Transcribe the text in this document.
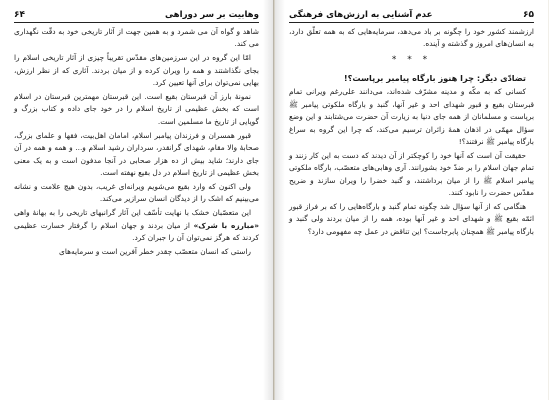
۶۴	وهابیت بر سر دوراهی

شاهد و گواه آن می شمرد و به همین جهت از آثار تاریخی خود به دقّت نگهداری می کند.

امّا این گروه در این سرزمین‌های مقدّس تقریباً چیزی از آثار تاریخی اسلام را بجای نگذاشتند و همه را ویران کرده و از میان بردند. آثاری که از نظر ارزش، بهایی نمی‌توان برای آنها تعیین کرد.

نمونهٔ بارز آن قبرستان بقیع است. این قبرستان مهمترین قبرستان در اسلام است که بخش عظیمی از تاریخ اسلام را در خود جای داده و کتاب بزرگ و گویایی از تاریخ ما مسلمین است.

قبور همسران و فرزندان پیامبر اسلام، امامان اهل‌بیت، فقها و علمای بزرگ، صحابهٔ والا مقام، شهدای گرانقدر، سرداران رشید اسلام و... و همه و همه در آن جای دارند؛ شاید بیش از ده هزار صحابی در آنجا مدفون است و به یک معنی بخش عظیمی از تاریخ اسلام در دل بقیع نهفته است.

ولی اکنون که وارد بقیع می‌شویم ویرانه‌ای غریب، بدون هیچ علامت و نشانه می‌بینیم که اشک را از دیدگان انسان سرازیر می‌کند.

این متعصّبان خشک با نهایت تأسّف این آثار گرانبهای تاریخی را به بهانهٔ واهی «مبارزه با شرک» از میان بردند و جهان اسلام را گرفتار خسارت عظیمی کردند که هرگز نمی‌توان آن را جبران کرد.

راستی که انسان متعصّب چقدر خطر آفرین است و سرمایه‌های

عدم آشنایی به ارزش‌های فرهنگی	۶۵

ارزشمند کشور خود را چگونه بر باد می‌دهد، سرمایه‌هایی که به همه تعلّق دارد، به انسان‌های امروز و گذشته و آینده.

* * *

تضادّی دیگر: چرا هنوز بارگاه پیامبر برپاست؟!

کسانی که به مکّه و مدینه مشرّف شده‌اند، می‌دانند علی‌رغم ویرانی تمام قبرستان بقیع و قبور شهدای احد و غیر آنها، گنبد و بارگاه ملکوتی پیامبر ﷺ برپاست و مسلمانان از همه جای دنیا به زیارت آن حضرت می‌شتابند و این وضع سؤال مهمّی در اذهان همهٔ زائران ترسیم می‌کند، که چرا این گروه به سراغ بارگاه پیامبر ﷺ نرفتند؟!

حقیقت آن است که آنها خود را کوچکتر از آن دیدند که دست به این کار زنند و تمام جهان اسلام را بر ضدّ خود بشورانند. آری وهابی‌های متعصّب، بارگاه ملکوتی پیامبر اسلام ﷺ را از میان برداشتند، و گنبد خضرا را ویران سازند و ضریح مقدّس حضرت را نابود کنند.

هنگامی که از آنها سؤال شد چگونه تمام گنبد و بارگاه‌هایی را که بر فراز قبور ائمّه بقیع ﷺ و شهدای احد و غیر آنها بوده، همه را از میان بردند ولی گنبد و بارگاه پیامبر ﷺ همچنان پابرجاست؟ این تناقض در عمل چه مفهومی دارد؟
